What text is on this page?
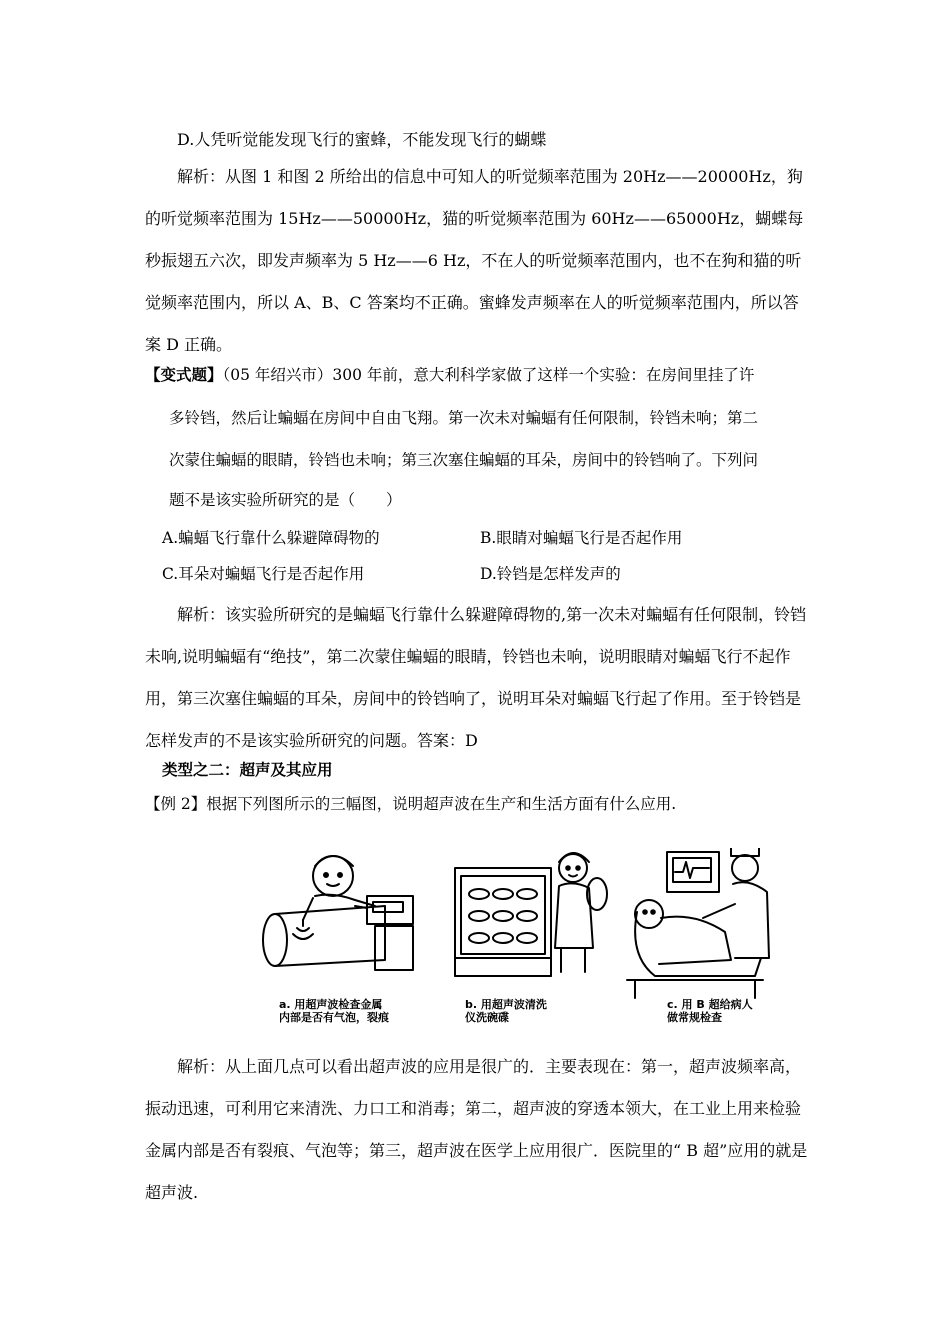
D.人凭听觉能发现飞行的蜜蜂，不能发现飞行的蝴蝶

解析：从图 1 和图 2 所给出的信息中可知人的听觉频率范围为 20Hz——20000Hz，狗的听觉频率范围为 15Hz——50000Hz，猫的听觉频率范围为 60Hz——65000Hz，蝴蝶每秒振翅五六次，即发声频率为 5 Hz——6 Hz，不在人的听觉频率范围内，也不在狗和猫的听觉频率范围内，所以 A、B、C 答案均不正确。蜜蜂发声频率在人的听觉频率范围内，所以答案 D 正确。

【变式题】（05 年绍兴市）300 年前，意大利科学家做了这样一个实验：在房间里挂了许
多铃铛，然后让蝙蝠在房间中自由飞翔。第一次未对蝙蝠有任何限制，铃铛未响；第二
次蒙住蝙蝠的眼睛，铃铛也未响；第三次塞住蝙蝠的耳朵，房间中的铃铛响了。下列问
题不 ·是 ·该实验所研究的是（　　）
A.蝙蝠飞行靠什么躲避障碍物的	B.眼睛对蝙蝠飞行是否起作用
C.耳朵对蝙蝠飞行是否起作用	D.铃铛是怎样发声的

解析：该实验所研究的是蝙蝠飞行靠什么躲避障碍物的,第一次未对蝙蝠有任何限制，铃铛未响,说明蝙蝠有“绝技”，第二次蒙住蝙蝠的眼睛，铃铛也未响，说明眼睛对蝙蝠飞行不起作用，第三次塞住蝙蝠的耳朵，房间中的铃铛响了，说明耳朵对蝙蝠飞行起了作用。至于铃铛是怎样发声的不是该实验所研究的问题。答案：D

类型之二：超声及其应用
【例 2】根据下列图所示的三幅图，说明超声波在生产和生活方面有什么应用.
a. 用超声波检查金属
内部是否有气泡，裂痕
b. 用超声波清洗
仪洗碗碟
c. 用 B 超给病人
做常规检查

解析：从上面几点可以看出超声波的应用是很广的．主要表现在：第一，超声波频率高，振动迅速，可利用它来清洗、力口工和消毒；第二，超声波的穿透本领大，在工业上用来检验金属内部是否有裂痕、气泡等；第三，超声波在医学上应用很广．医院里的“ B 超”应用的就是超声波.
